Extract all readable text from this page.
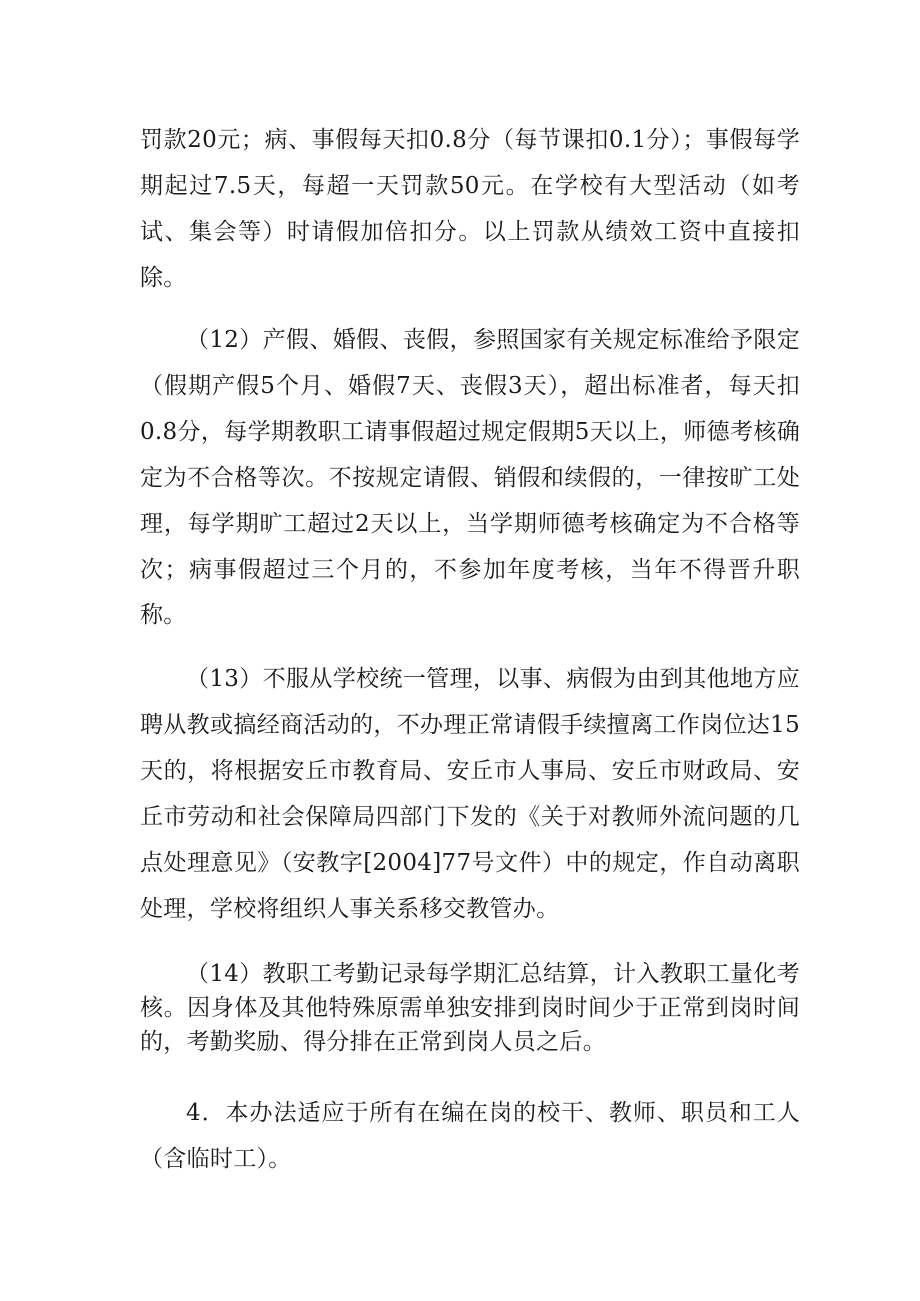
罚款20元；病、事假每天扣0.8分（每节课扣0.1分）；事假每学期起过7.5天，每超一天罚款50元。在学校有大型活动（如考试、集会等）时请假加倍扣分。以上罚款从绩效工资中直接扣除。

（12）产假、婚假、丧假，参照国家有关规定标准给予限定（假期产假5个月、婚假7天、丧假3天），超出标准者，每天扣0.8分，每学期教职工请事假超过规定假期5天以上，师德考核确定为不合格等次。不按规定请假、销假和续假的，一律按旷工处理，每学期旷工超过2天以上，当学期师德考核确定为不合格等次；病事假超过三个月的，不参加年度考核，当年不得晋升职称。

（13）不服从学校统一管理，以事、病假为由到其他地方应聘从教或搞经商活动的，不办理正常请假手续擅离工作岗位达15天的，将根据安丘市教育局、安丘市人事局、安丘市财政局、安丘市劳动和社会保障局四部门下发的《关于对教师外流问题的几点处理意见》（安教字[2004]77号文件）中的规定，作自动离职处理，学校将组织人事关系移交教管办。

（14）教职工考勤记录每学期汇总结算，计入教职工量化考核。因身体及其他特殊原需单独安排到岗时间少于正常到岗时间的，考勤奖励、得分排在正常到岗人员之后。

4．本办法适应于所有在编在岗的校干、教师、职员和工人（含临时工）。
